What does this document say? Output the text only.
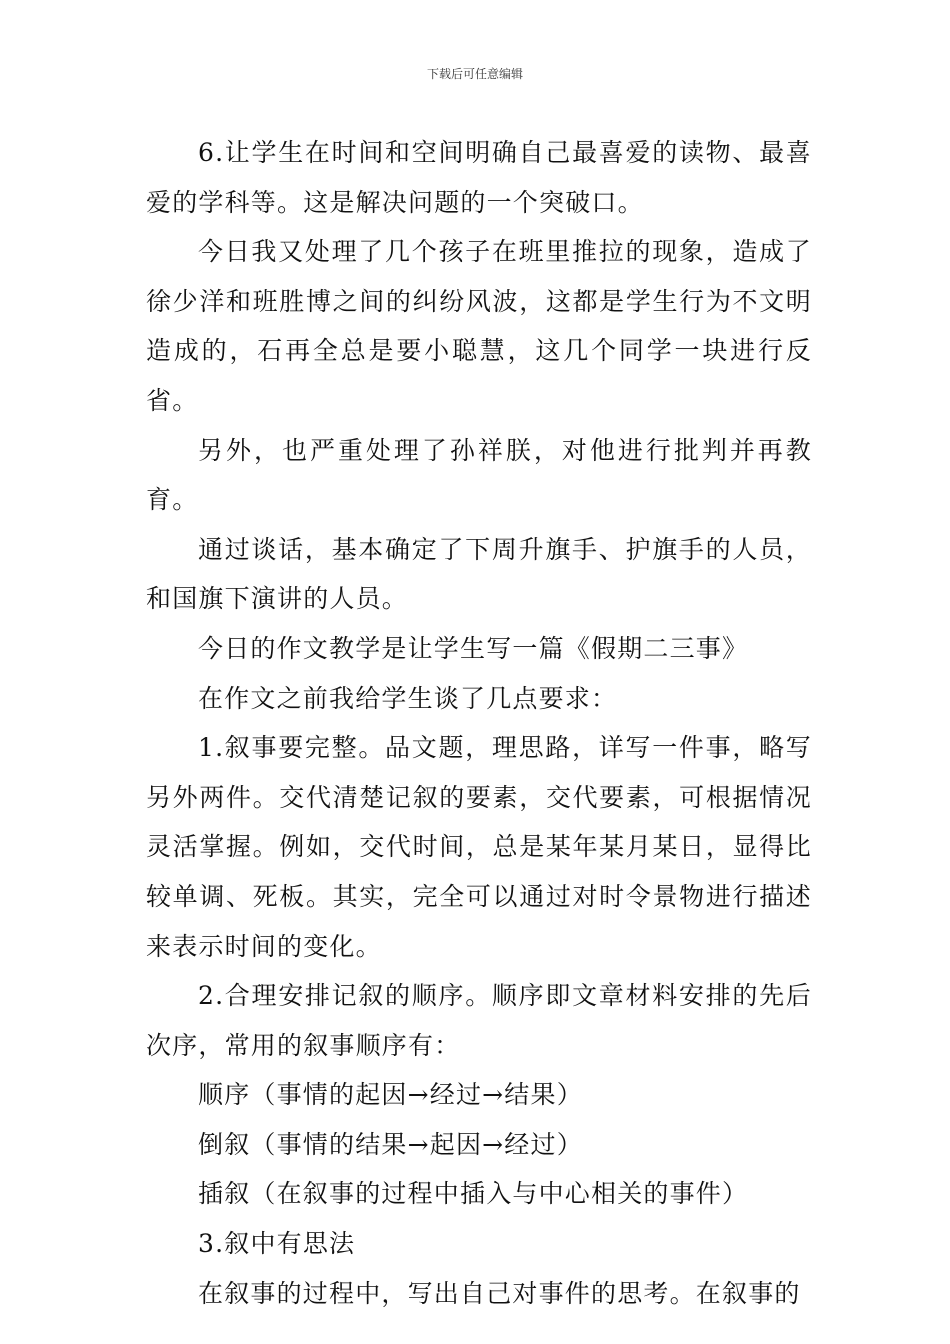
下载后可任意编辑

6.让学生在时间和空间明确自己最喜爱的读物、最喜爱的学科等。这是解决问题的一个突破口。

今日我又处理了几个孩子在班里推拉的现象，造成了徐少洋和班胜博之间的纠纷风波，这都是学生行为不文明造成的，石再全总是要小聪慧，这几个同学一块进行反省。

另外，也严重处理了孙祥朕，对他进行批判并再教育。

通过谈话，基本确定了下周升旗手、护旗手的人员，和国旗下演讲的人员。

今日的作文教学是让学生写一篇《假期二三事》

在作文之前我给学生谈了几点要求：

1.叙事要完整。品文题，理思路，详写一件事，略写另外两件。交代清楚记叙的要素，交代要素，可根据情况灵活掌握。例如，交代时间，总是某年某月某日，显得比较单调、死板。其实，完全可以通过对时令景物进行描述来表示时间的变化。

2.合理安排记叙的顺序。顺序即文章材料安排的先后次序，常用的叙事顺序有：

顺序（事情的起因→经过→结果）

倒叙（事情的结果→起因→经过）

插叙（在叙事的过程中插入与中心相关的事件）

3.叙中有思法

在叙事的过程中，写出自己对事件的思考。在叙事的
